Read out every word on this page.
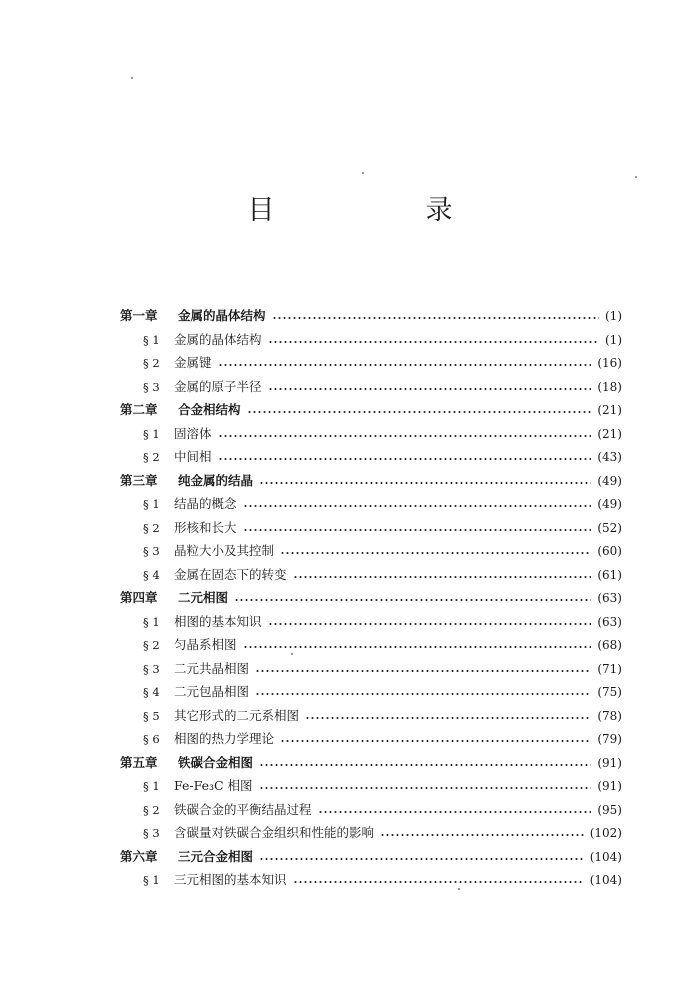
目　录
第一章	金属的晶体结构	(1)
§ 1	金属的晶体结构	(1)
§ 2	金属键	(16)
§ 3	金属的原子半径	(18)
第二章	合金相结构	(21)
§ 1	固溶体	(21)
§ 2	中间相	(43)
第三章	纯金属的结晶	(49)
§ 1	结晶的概念	(49)
§ 2	形核和长大	(52)
§ 3	晶粒大小及其控制	(60)
§ 4	金属在固态下的转变	(61)
第四章	二元相图	(63)
§ 1	相图的基本知识	(63)
§ 2	匀晶系相图	(68)
§ 3	二元共晶相图	(71)
§ 4	二元包晶相图	(75)
§ 5	其它形式的二元系相图	(78)
§ 6	相图的热力学理论	(79)
第五章	铁碳合金相图	(91)
§ 1	Fe-Fe₃C 相图	(91)
§ 2	铁碳合金的平衡结晶过程	(95)
§ 3	含碳量对铁碳合金组织和性能的影响	(102)
第六章	三元合金相图	(104)
§ 1	三元相图的基本知识	(104)
